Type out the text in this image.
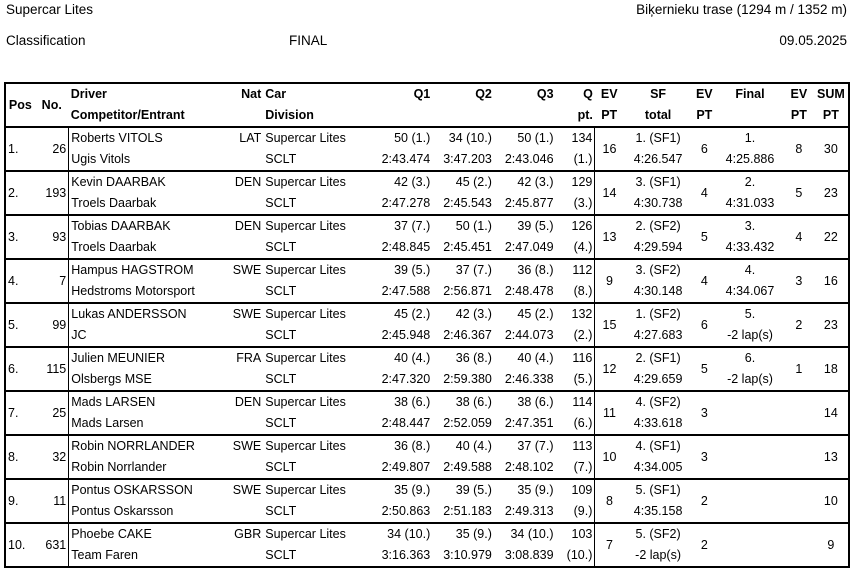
Supercar Lites	Biķernieku trase (1294 m / 1352 m)
Classification	FINAL	09.05.2025
Pos	No.	Driver	Nat	Car	Q1	Q2	Q3	Q	EV	SF	EV	Final	EV	SUM
		Competitor/Entrant		Division				pt.	PT	total	PT		PT	PT
1.	26	Roberts VITOLS	LAT	Supercar Lites	50 (1.)	34 (10.)	50 (1.)	134	16	1. (SF1)	6	1.	8	30
		Ugis Vitols		SCLT	2:43.474	3:47.203	2:43.046	(1.)		4:26.547		4:25.886		
2.	193	Kevin DAARBAK	DEN	Supercar Lites	42 (3.)	45 (2.)	42 (3.)	129	14	3. (SF1)	4	2.	5	23
		Troels Daarbak		SCLT	2:47.278	2:45.543	2:45.877	(3.)		4:30.738		4:31.033		
3.	93	Tobias DAARBAK	DEN	Supercar Lites	37 (7.)	50 (1.)	39 (5.)	126	13	2. (SF2)	5	3.	4	22
		Troels Daarbak		SCLT	2:48.845	2:45.451	2:47.049	(4.)		4:29.594		4:33.432		
4.	7	Hampus HAGSTROM	SWE	Supercar Lites	39 (5.)	37 (7.)	36 (8.)	112	9	3. (SF2)	4	4.	3	16
		Hedstroms Motorsport		SCLT	2:47.588	2:56.871	2:48.478	(8.)		4:30.148		4:34.067		
5.	99	Lukas ANDERSSON	SWE	Supercar Lites	45 (2.)	42 (3.)	45 (2.)	132	15	1. (SF2)	6	5.	2	23
		JC		SCLT	2:45.948	2:46.367	2:44.073	(2.)		4:27.683		-2 lap(s)		
6.	115	Julien MEUNIER	FRA	Supercar Lites	40 (4.)	36 (8.)	40 (4.)	116	12	2. (SF1)	5	6.	1	18
		Olsbergs MSE		SCLT	2:47.320	2:59.380	2:46.338	(5.)		4:29.659		-2 lap(s)		
7.	25	Mads LARSEN	DEN	Supercar Lites	38 (6.)	38 (6.)	38 (6.)	114	11	4. (SF2)	3			14
		Mads Larsen		SCLT	2:48.447	2:52.059	2:47.351	(6.)		4:33.618				
8.	32	Robin NORRLANDER	SWE	Supercar Lites	36 (8.)	40 (4.)	37 (7.)	113	10	4. (SF1)	3			13
		Robin Norrlander		SCLT	2:49.807	2:49.588	2:48.102	(7.)		4:34.005				
9.	11	Pontus OSKARSSON	SWE	Supercar Lites	35 (9.)	39 (5.)	35 (9.)	109	8	5. (SF1)	2			10
		Pontus Oskarsson		SCLT	2:50.863	2:51.183	2:49.313	(9.)		4:35.158				
10.	631	Phoebe CAKE	GBR	Supercar Lites	34 (10.)	35 (9.)	34 (10.)	103	7	5. (SF2)	2			9
		Team Faren		SCLT	3:16.363	3:10.979	3:08.839	(10.)		-2 lap(s)				
